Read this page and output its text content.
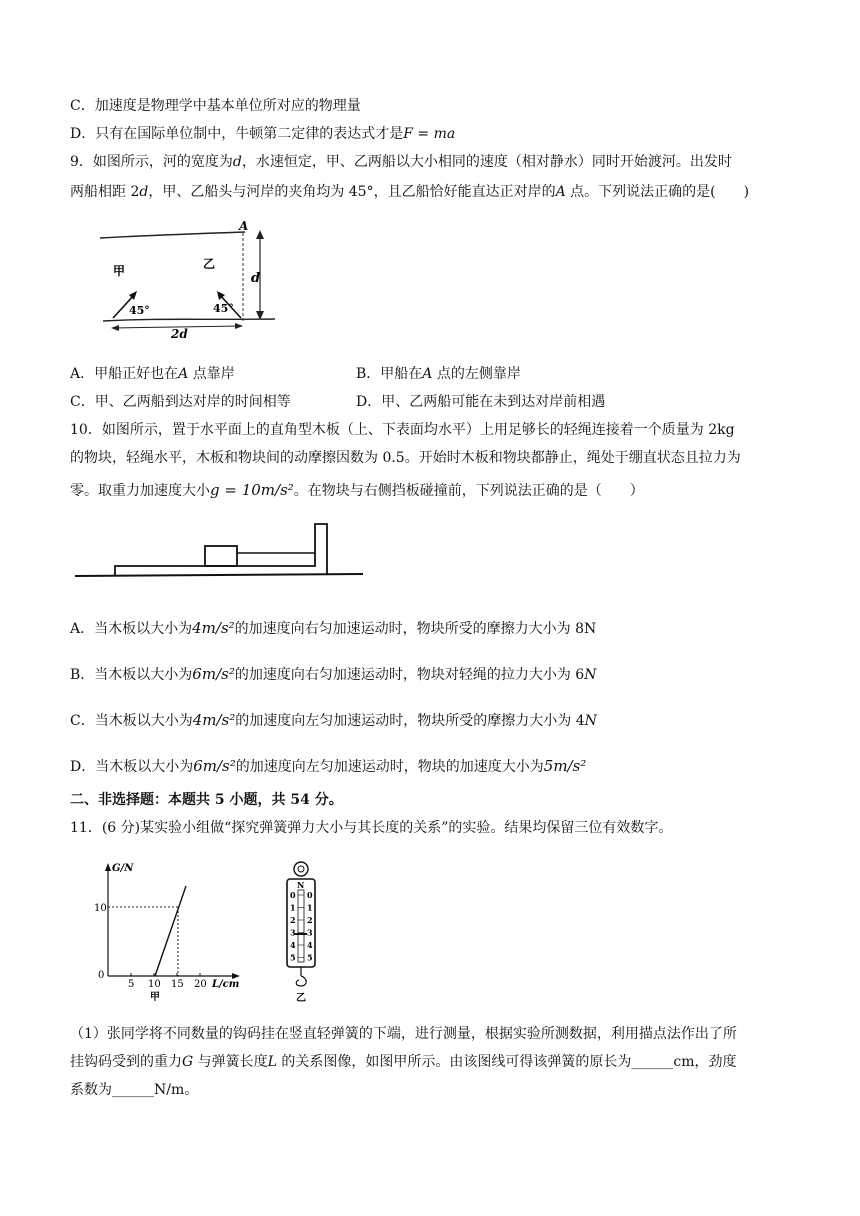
C．加速度是物理学中基本单位所对应的物理量
D．只有在国际单位制中，牛顿第二定律的表达式才是F = ma
9．如图所示，河的宽度为d，水速恒定，甲、乙两船以大小相同的速度（相对静水）同时开始渡河。出发时
两船相距 2d，甲、乙船头与河岸的夹角均为 45°，且乙船恰好能直达正对岸的A 点。下列说法正确的是(　　)
A
d
甲	乙
45°	45°
2d
A．甲船正好也在A 点靠岸	B．甲船在A 点的左侧靠岸
C．甲、乙两船到达对岸的时间相等	D．甲、乙两船可能在未到达对岸前相遇
10．如图所示，置于水平面上的直角型木板（上、下表面均水平）上用足够长的轻绳连接着一个质量为 2kg
的物块，轻绳水平，木板和物块间的动摩擦因数为 0.5。开始时木板和物块都静止，绳处于绷直状态且拉力为
零。取重力加速度大小g = 10m/s²。在物块与右侧挡板碰撞前，下列说法正确的是（　　）
A．当木板以大小为4m/s²的加速度向右匀加速运动时，物块所受的摩擦力大小为 8N
B．当木板以大小为6m/s²的加速度向右匀加速运动时，物块对轻绳的拉力大小为 6N
C．当木板以大小为4m/s²的加速度向左匀加速运动时，物块所受的摩擦力大小为 4N
D．当木板以大小为6m/s²的加速度向左匀加速运动时，物块的加速度大小为5m/s²
二、非选择题：本题共 5 小题，共 54 分。
11．(6 分)某实验小组做“探究弹簧弹力大小与其长度的关系”的实验。结果均保留三位有效数字。
G/N
L/cm
10
0
5 10 15 20
甲
N
0 0
1 1
2 2
3 3
4 4
5 5
乙
（1）张同学将不同数量的钩码挂在竖直轻弹簧的下端，进行测量，根据实验所测数据，利用描点法作出了所
挂钩码受到的重力G 与弹簧长度L 的关系图像，如图甲所示。由该图线可得该弹簧的原长为______cm，劲度
系数为______N/m。
